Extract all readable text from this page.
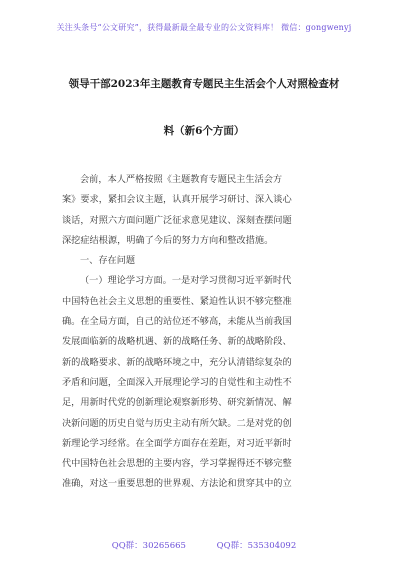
关注头条号“公文研究”，获得最新最全最专业的公文资料库！ 微信：gongwenyj
领导干部2023年主题教育专题民主生活会个人对照检查材
料（新6个方面）
会前，本人严格按照《主题教育专题民主生活会方
案》要求，紧扣会议主题，认真开展学习研讨、深入谈心
谈话，对照六方面问题广泛征求意见建议、深刻查摆问题
深挖症结根源，明确了今后的努力方向和整改措施。
一、存在问题
（一）理论学习方面。一是对学习贯彻习近平新时代
中国特色社会主义思想的重要性、紧迫性认识不够完整准
确。在全局方面，自己的站位还不够高，未能从当前我国
发展面临新的战略机遇、新的战略任务、新的战略阶段、
新的战略要求、新的战略环境之中，充分认清错综复杂的
矛盾和问题，全面深入开展理论学习的自觉性和主动性不
足，用新时代党的创新理论观察新形势、研究新情况、解
决新问题的历史自觉与历史主动有所欠缺。二是对党的创
新理论学习经常。在全面学方面存在差距，对习近平新时
代中国特色社会思想的主要内容，学习掌握得还不够完整
准确，对这一重要思想的世界观、方法论和贯穿其中的立
QQ群：30265665	QQ群：535304092
